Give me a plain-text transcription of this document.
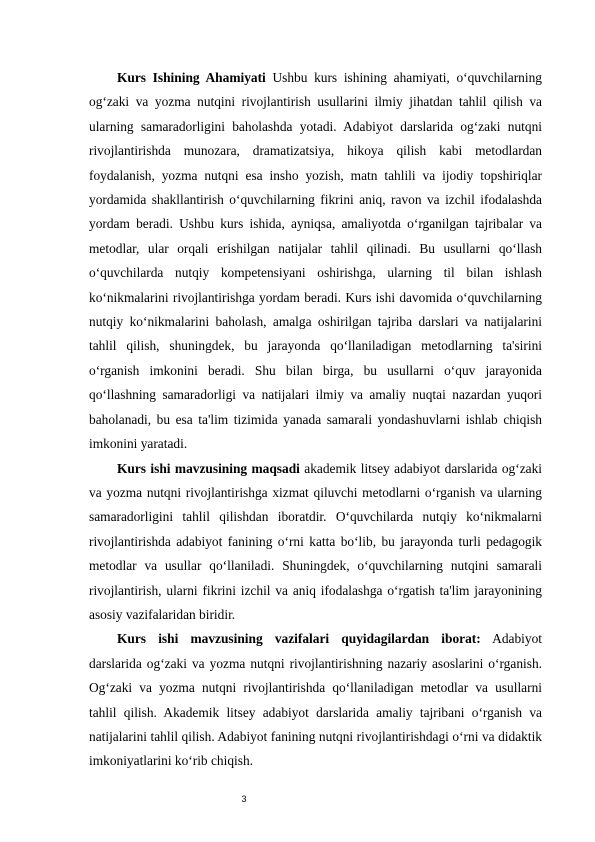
Kurs Ishining Ahamiyati Ushbu kurs ishining ahamiyati, o‘quvchilarning og‘zaki va yozma nutqini rivojlantirish usullarini ilmiy jihatdan tahlil qilish va ularning samaradorligini baholashda yotadi. Adabiyot darslarida og‘zaki nutqni rivojlantirishda munozara, dramatizatsiya, hikoya qilish kabi metodlardan foydalanish, yozma nutqni esa insho yozish, matn tahlili va ijodiy topshiriqlar yordamida shakllantirish o‘quvchilarning fikrini aniq, ravon va izchil ifodalashda yordam beradi. Ushbu kurs ishida, ayniqsa, amaliyotda o‘rganilgan tajribalar va metodlar, ular orqali erishilgan natijalar tahlil qilinadi. Bu usullarni qo‘llash o‘quvchilarda nutqiy kompetensiyani oshirishga, ularning til bilan ishlash ko‘nikmalarini rivojlantirishga yordam beradi. Kurs ishi davomida o‘quvchilarning nutqiy ko‘nikmalarini baholash, amalga oshirilgan tajriba darslari va natijalarini tahlil qilish, shuningdek, bu jarayonda qo‘llaniladigan metodlarning ta'sirini o‘rganish imkonini beradi. Shu bilan birga, bu usullarni o‘quv jarayonida qo‘llashning samaradorligi va natijalari ilmiy va amaliy nuqtai nazardan yuqori baholanadi, bu esa ta'lim tizimida yanada samarali yondashuvlarni ishlab chiqish imkonini yaratadi.

Kurs ishi mavzusining maqsadi akademik litsey adabiyot darslarida og‘zaki va yozma nutqni rivojlantirishga xizmat qiluvchi metodlarni o‘rganish va ularning samaradorligini tahlil qilishdan iboratdir. O‘quvchilarda nutqiy ko‘nikmalarni rivojlantirishda adabiyot fanining o‘rni katta bo‘lib, bu jarayonda turli pedagogik metodlar va usullar qo‘llaniladi. Shuningdek, o‘quvchilarning nutqini samarali rivojlantirish, ularni fikrini izchil va aniq ifodalashga o‘rgatish ta'lim jarayonining asosiy vazifalaridan biridir.

Kurs ishi mavzusining vazifalari quyidagilardan iborat: Adabiyot darslarida og‘zaki va yozma nutqni rivojlantirishning nazariy asoslarini o‘rganish. Og‘zaki va yozma nutqni rivojlantirishda qo‘llaniladigan metodlar va usullarni tahlil qilish. Akademik litsey adabiyot darslarida amaliy tajribani o‘rganish va natijalarini tahlil qilish. Adabiyot fanining nutqni rivojlantirishdagi o‘rni va didaktik imkoniyatlarini ko‘rib chiqish.

3
